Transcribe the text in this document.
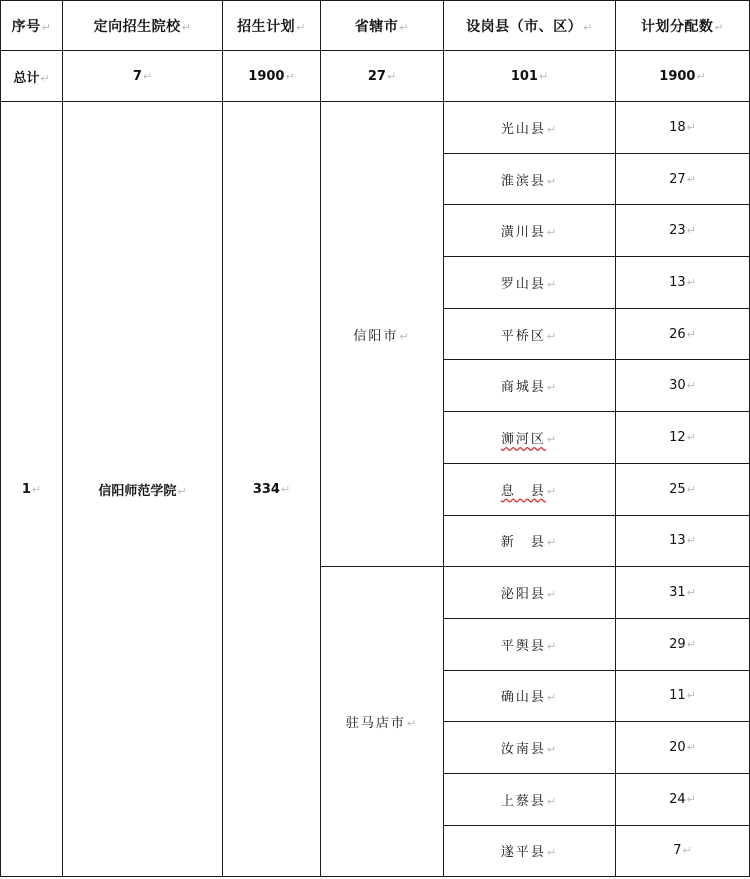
序号↵	定向招生院校↵	招生计划↵	省辖市↵	设岗县（市、区）↵	计划分配数↵
总计↵	7↵	1900↵	27↵	101↵	1900↵
1↵	信阳师范学院↵	334↵	信阳市↵	光山县↵	18↵
				淮滨县↵	27↵
				潢川县↵	23↵
				罗山县↵	13↵
				平桥区↵	26↵
				商城县↵	30↵
				浉河区↵	12↵
				息　县↵	25↵
				新　县↵	13↵
			驻马店市↵	泌阳县↵	31↵
				平舆县↵	29↵
				确山县↵	11↵
				汝南县↵	20↵
				上蔡县↵	24↵
				遂平县↵	7↵
